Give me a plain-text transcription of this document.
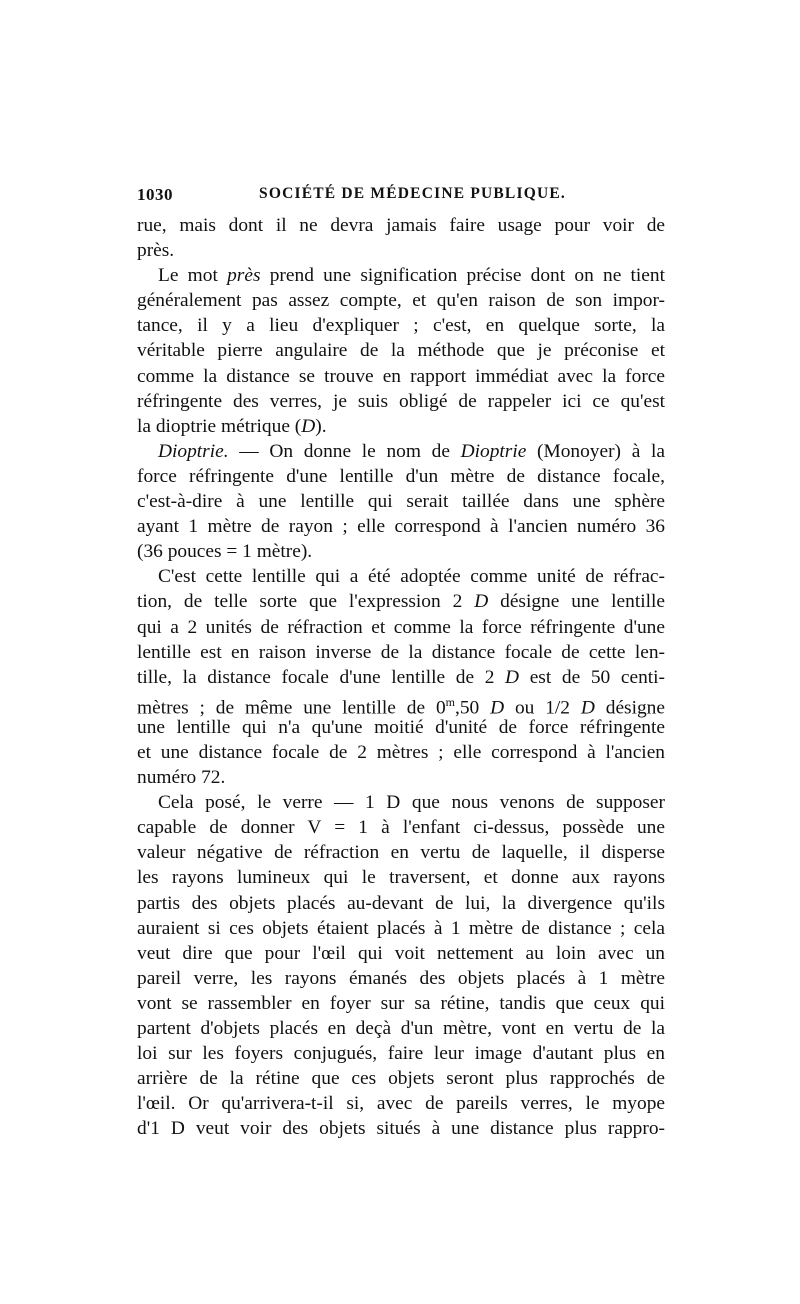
1030	SOCIÉTÉ DE MÉDECINE PUBLIQUE.
rue, mais dont il ne devra jamais faire usage pour voir de
près.
Le mot près prend une signification précise dont on ne tient
généralement pas assez compte, et qu'en raison de son impor-
tance, il y a lieu d'expliquer ; c'est, en quelque sorte, la
véritable pierre angulaire de la méthode que je préconise et
comme la distance se trouve en rapport immédiat avec la force
réfringente des verres, je suis obligé de rappeler ici ce qu'est
la dioptrie métrique (D).
Dioptrie. — On donne le nom de Dioptrie (Monoyer) à la
force réfringente d'une lentille d'un mètre de distance focale,
c'est-à-dire à une lentille qui serait taillée dans une sphère
ayant 1 mètre de rayon ; elle correspond à l'ancien numéro 36
(36 pouces = 1 mètre).
C'est cette lentille qui a été adoptée comme unité de réfrac-
tion, de telle sorte que l'expression 2 D désigne une lentille
qui a 2 unités de réfraction et comme la force réfringente d'une
lentille est en raison inverse de la distance focale de cette len-
tille, la distance focale d'une lentille de 2 D est de 50 centi-
mètres ; de même une lentille de 0$^m$,50 D ou 1/2 D désigne
une lentille qui n'a qu'une moitié d'unité de force réfringente
et une distance focale de 2 mètres ; elle correspond à l'ancien
numéro 72.
Cela posé, le verre — 1 D que nous venons de supposer
capable de donner V = 1 à l'enfant ci-dessus, possède une
valeur négative de réfraction en vertu de laquelle, il disperse
les rayons lumineux qui le traversent, et donne aux rayons
partis des objets placés au-devant de lui, la divergence qu'ils
auraient si ces objets étaient placés à 1 mètre de distance ; cela
veut dire que pour l'œil qui voit nettement au loin avec un
pareil verre, les rayons émanés des objets placés à 1 mètre
vont se rassembler en foyer sur sa rétine, tandis que ceux qui
partent d'objets placés en deçà d'un mètre, vont en vertu de la
loi sur les foyers conjugués, faire leur image d'autant plus en
arrière de la rétine que ces objets seront plus rapprochés de
l'œil. Or qu'arrivera-t-il si, avec de pareils verres, le myope
d'1 D veut voir des objets situés à une distance plus rappro-
